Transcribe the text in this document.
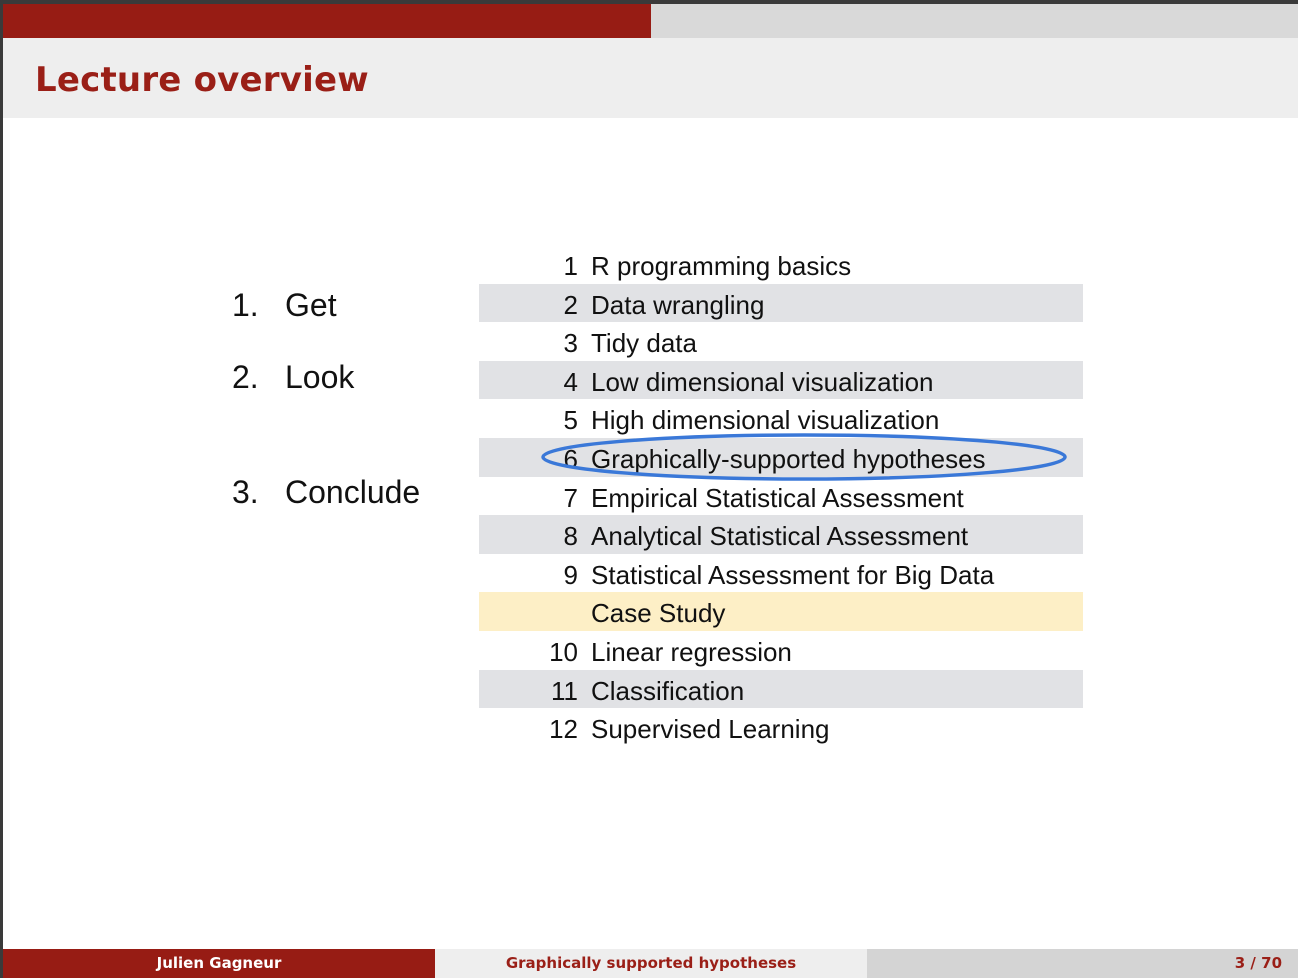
Lecture overview
1. Get
2. Look
3. Conclude
1 R programming basics
2 Data wrangling
3 Tidy data
4 Low dimensional visualization
5 High dimensional visualization
6 Graphically-supported hypotheses
7 Empirical Statistical Assessment
8 Analytical Statistical Assessment
9 Statistical Assessment for Big Data
Case Study
10 Linear regression
11 Classification
12 Supervised Learning
Julien Gagneur	Graphically supported hypotheses	3 / 70
